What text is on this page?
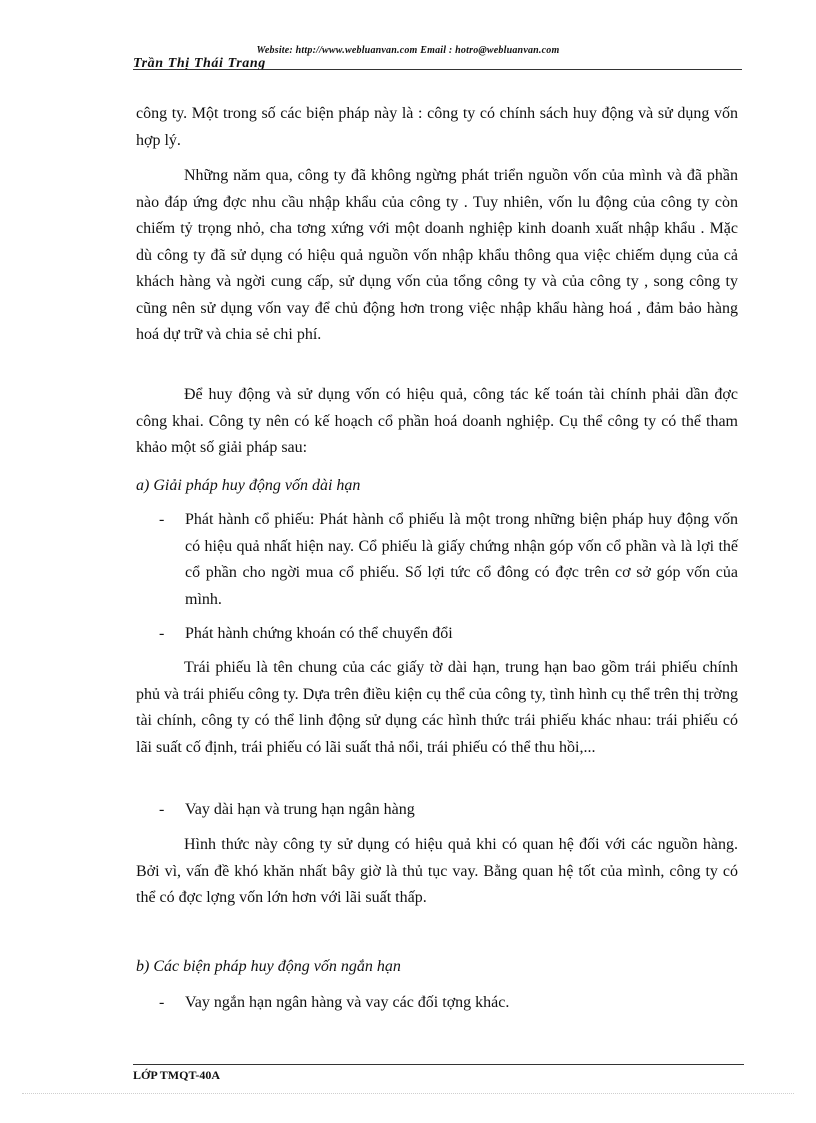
Website: http://www.webluanvan.com Email : hotro@webluanvan.com
Trần Thị Thái Trang

công ty. Một trong số các biện pháp này là : công ty có chính sách huy động và sử dụng vốn hợp lý.

Những năm qua, công ty đã không ngừng phát triển nguồn vốn của mình và đã phần nào đáp ứng đợc nhu cầu nhập khẩu của công ty . Tuy nhiên, vốn lu động của công ty còn chiếm tỷ trọng nhỏ, cha tơng xứng với một doanh nghiệp kinh doanh xuất nhập khẩu . Mặc dù công ty đã sử dụng có hiệu quả nguồn vốn nhập khẩu thông qua việc chiếm dụng của cả khách hàng và ngời cung cấp, sử dụng vốn của tổng công ty và của công ty , song công ty cũng nên sử dụng vốn vay để chủ động hơn trong việc nhập khẩu hàng hoá , đảm bảo hàng hoá dự trữ và chia sẻ chi phí.

Để huy động và sử dụng vốn có hiệu quả, công tác kế toán tài chính phải dần đợc công khai. Công ty nên có kế hoạch cổ phần hoá doanh nghiệp. Cụ thể công ty có thể tham khảo một số giải pháp sau:

a) Giải pháp huy động vốn dài hạn

- Phát hành cổ phiếu: Phát hành cổ phiếu là một trong những biện pháp huy động vốn có hiệu quả nhất hiện nay. Cổ phiếu là giấy chứng nhận góp vốn cổ phần và là lợi thế cổ phần cho ngời mua cổ phiếu. Số lợi tức cổ đông có đợc trên cơ sở góp vốn của mình.
- Phát hành chứng khoán có thể chuyển đổi

Trái phiếu là tên chung của các giấy tờ dài hạn, trung hạn bao gồm trái phiếu chính phủ và trái phiếu công ty. Dựa trên điều kiện cụ thể của công ty, tình hình cụ thể trên thị trờng tài chính, công ty có thể linh động sử dụng các hình thức trái phiếu khác nhau: trái phiếu có lãi suất cố định, trái phiếu có lãi suất thả nổi, trái phiếu có thể thu hồi,...

- Vay dài hạn và trung hạn ngân hàng

Hình thức này công ty sử dụng có hiệu quả khi có quan hệ đối với các nguồn hàng. Bởi vì, vấn đề khó khăn nhất bây giờ là thủ tục vay. Bằng quan hệ tốt của mình, công ty có thể có đợc lợng vốn lớn hơn với lãi suất thấp.

b) Các biện pháp huy động vốn ngắn hạn

- Vay ngắn hạn ngân hàng và vay các đối tợng khác.
LỚP TMQT-40A
